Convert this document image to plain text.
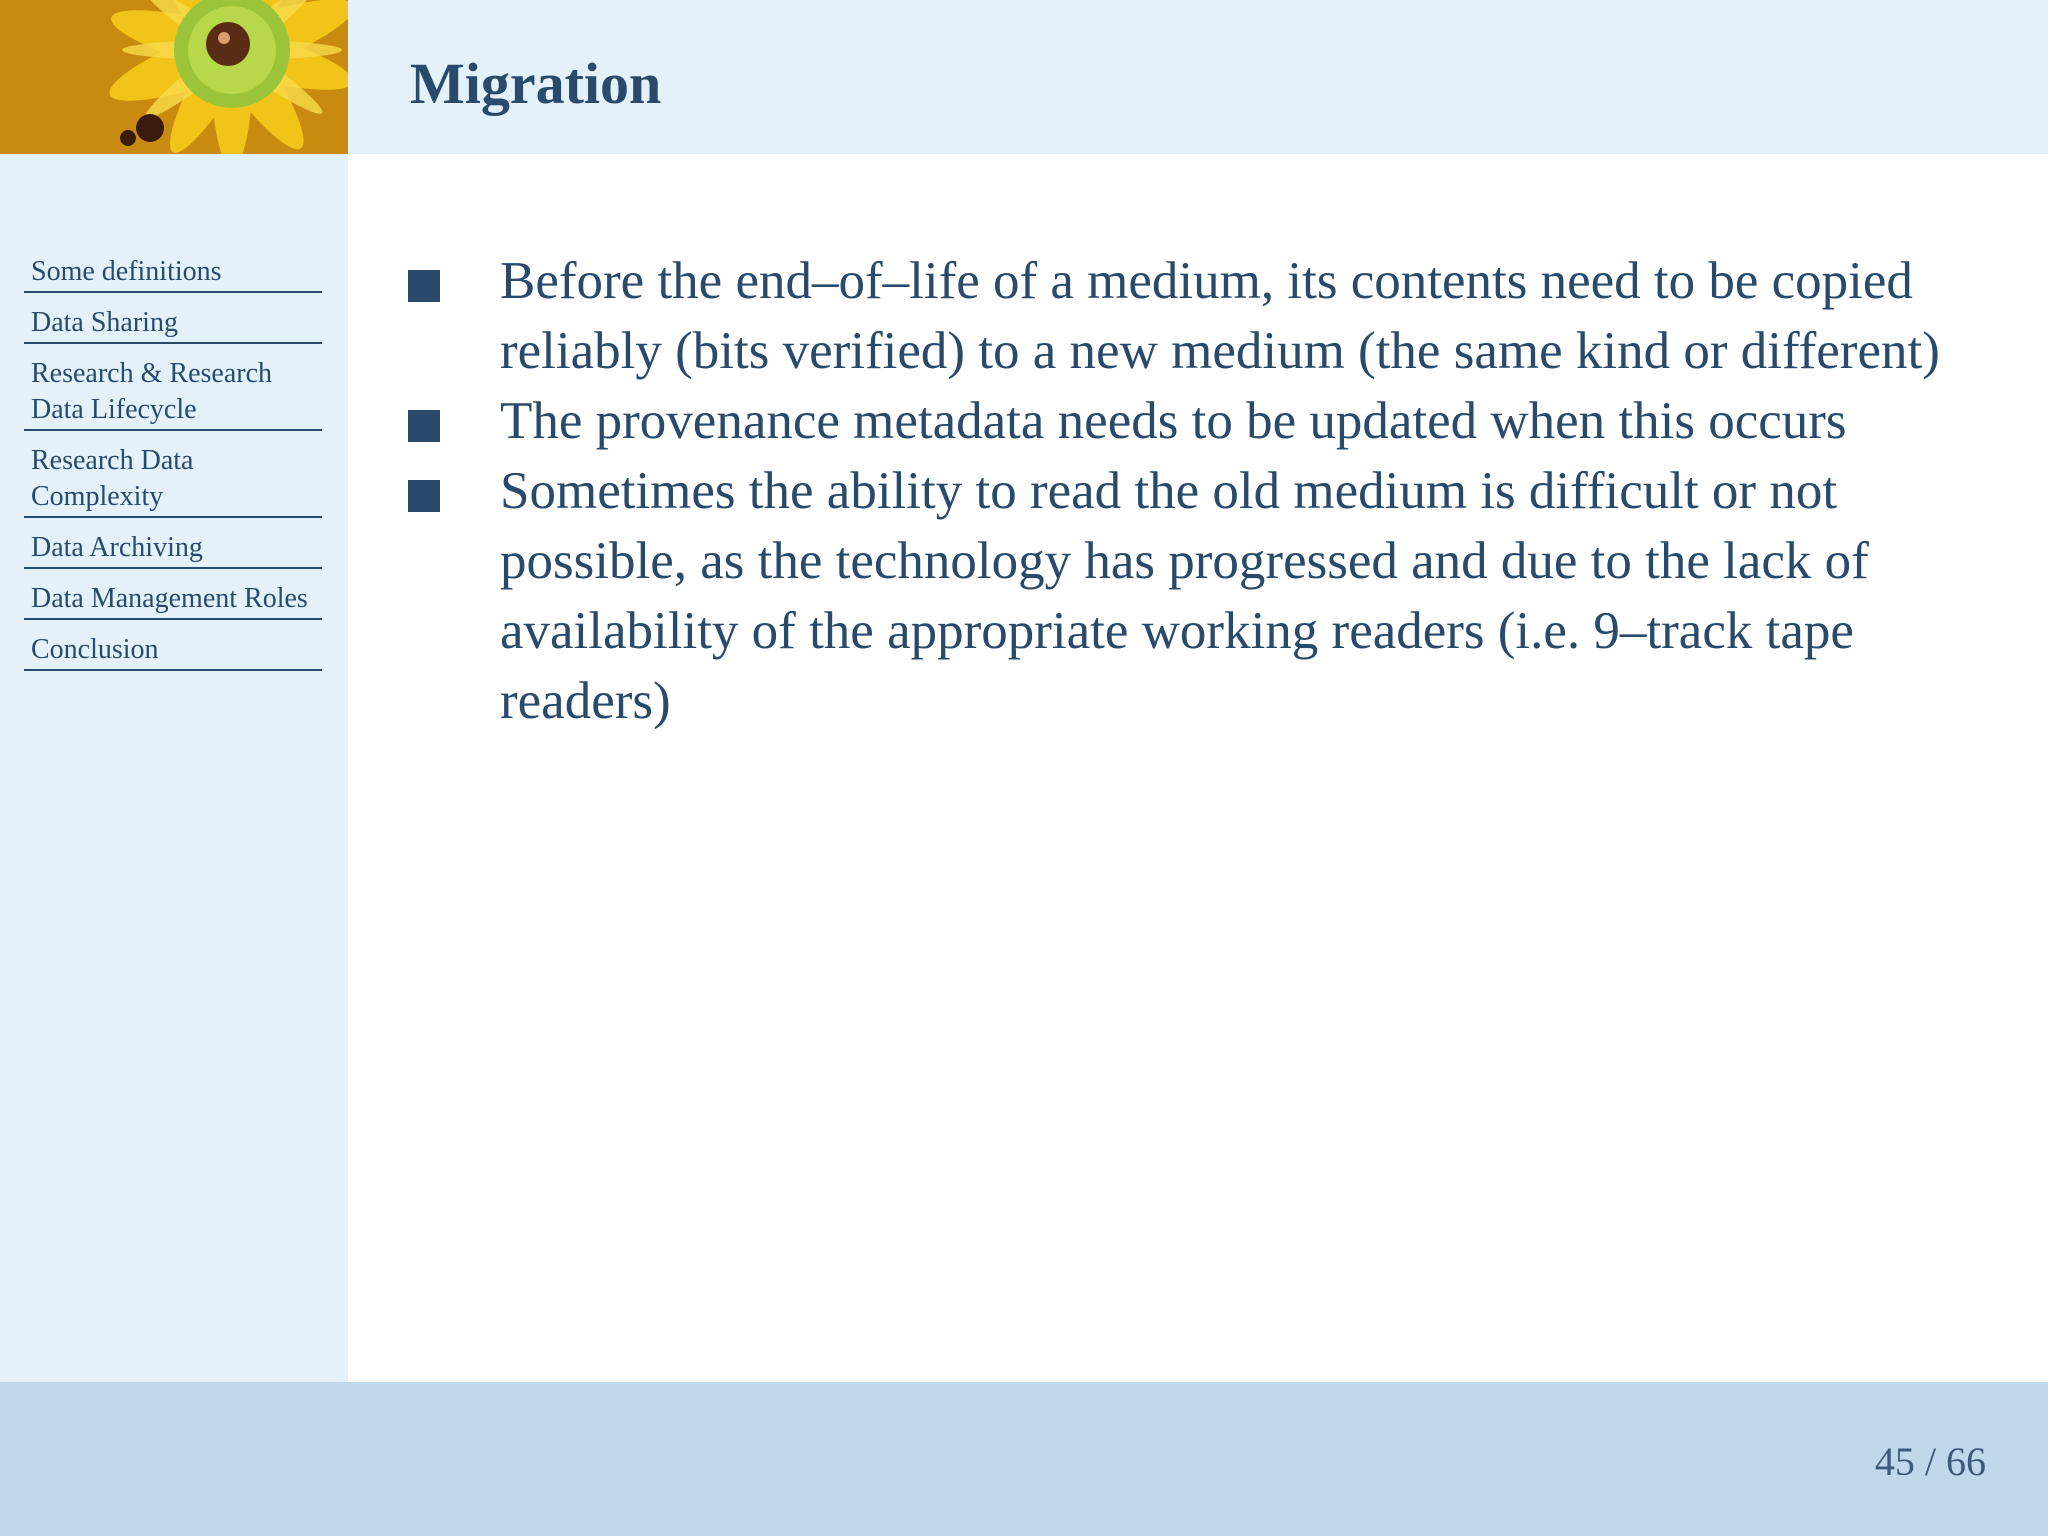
Migration
Some definitions
Data Sharing
Research & Research Data Lifecycle
Research Data Complexity
Data Archiving
Data Management Roles
Conclusion
Before the end–of–life of a medium, its contents need to be copied reliably (bits verified) to a new medium (the same kind or different)
The provenance metadata needs to be updated when this occurs
Sometimes the ability to read the old medium is difficult or not possible, as the technology has progressed and due to the lack of availability of the appropriate working readers (i.e. 9–track tape readers)
45 / 66
